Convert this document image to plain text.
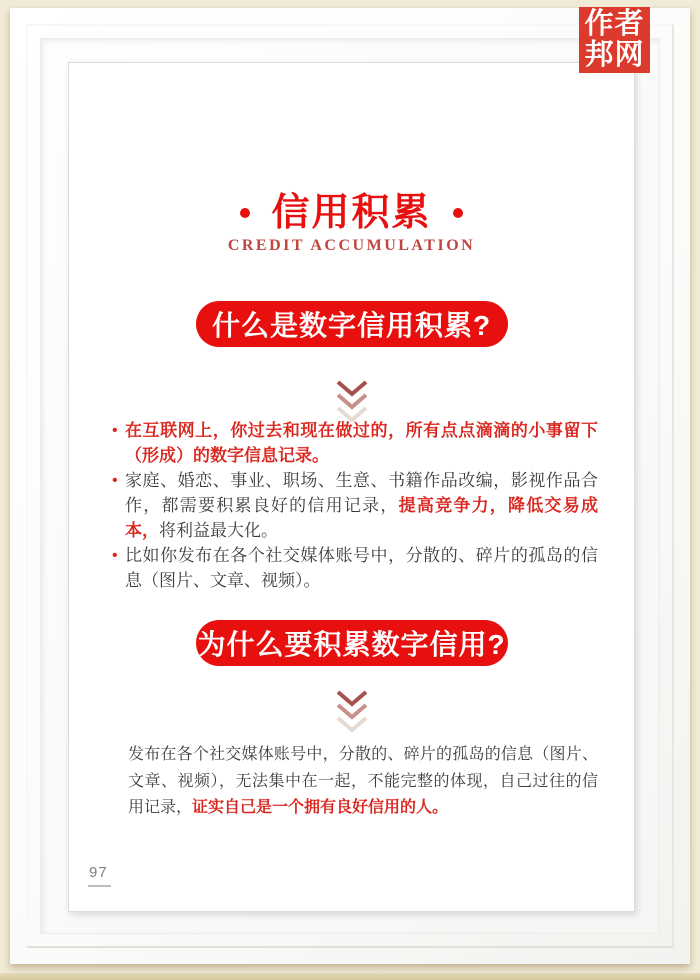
信用积累
CREDIT ACCUMULATION
什么是数字信用积累?
• 在互联网上，你过去和现在做过的，所有点点滴滴的小事留下（形成）的数字信息记录。
• 家庭、婚恋、事业、职场、生意、书籍作品改编，影视作品合作，都需要积累良好的信用记录，提高竞争力，降低交易成本，将利益最大化。
• 比如你发布在各个社交媒体账号中，分散的、碎片的孤岛的信息（图片、文章、视频）。
为什么要积累数字信用?

发布在各个社交媒体账号中，分散的、碎片的孤岛的信息（图片、文章、视频），无法集中在一起，不能完整的体现，自己过往的信用记录，证实自己是一个拥有良好信用的人。

97
作者
邦网
